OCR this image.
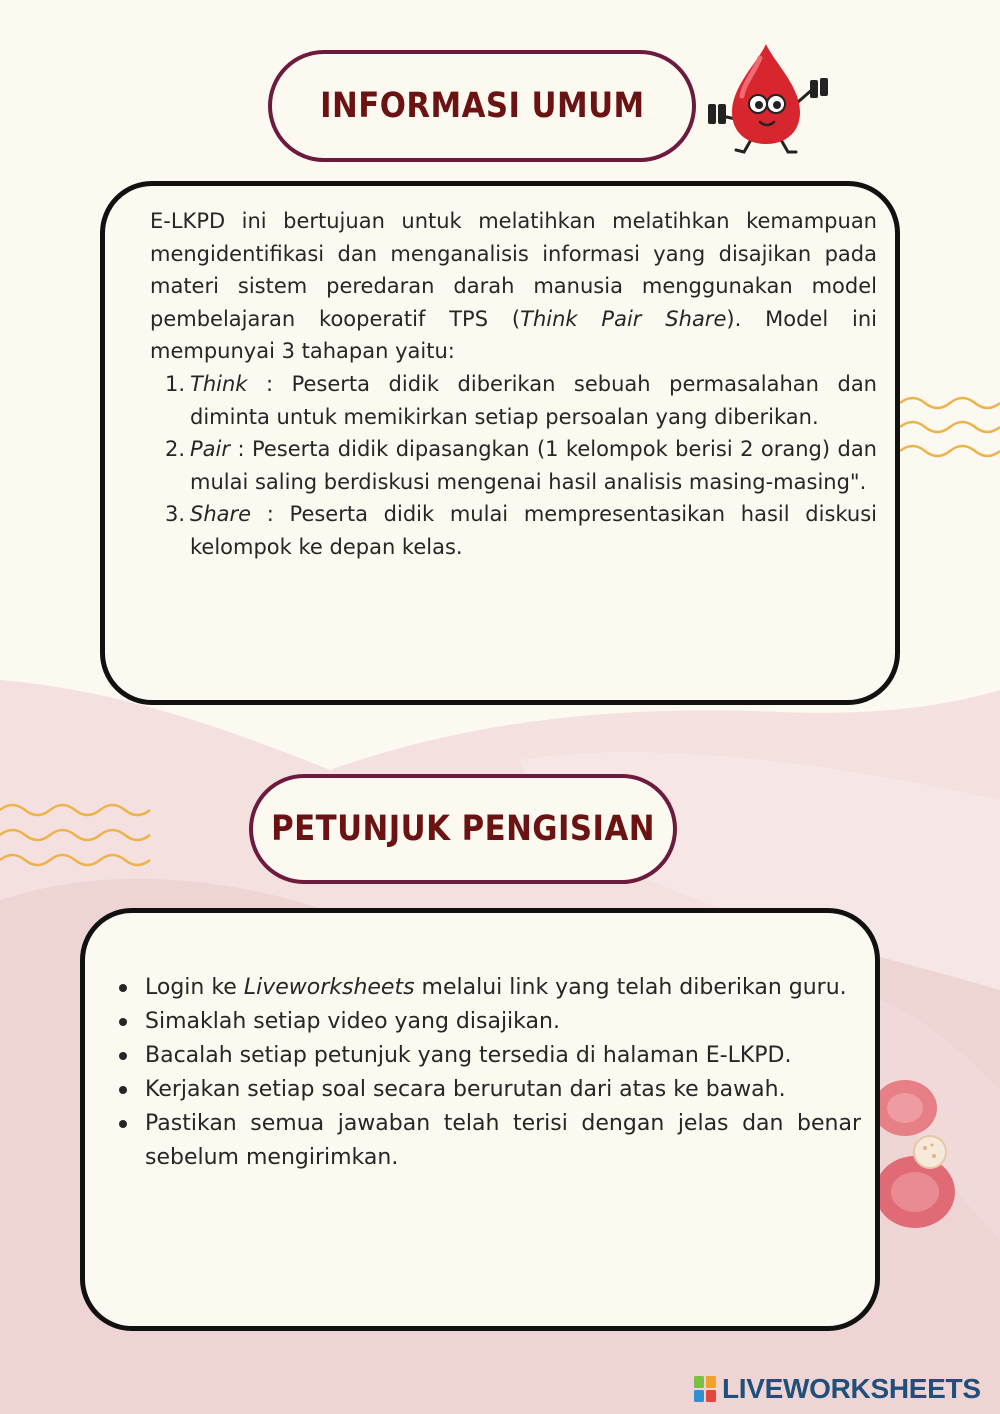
INFORMASI UMUM

E-LKPD ini bertujuan untuk melatihkan melatihkan kemampuan mengidentifikasi dan menganalisis informasi yang disajikan pada materi sistem peredaran darah manusia menggunakan model pembelajaran kooperatif TPS (Think Pair Share). Model ini mempunyai 3 tahapan yaitu:

1. Think : Peserta didik diberikan sebuah permasalahan dan diminta untuk memikirkan setiap persoalan yang diberikan.
2. Pair : Peserta didik dipasangkan (1 kelompok berisi 2 orang) dan mulai saling berdiskusi mengenai hasil analisis masing-masing".
3. Share : Peserta didik mulai mempresentasikan hasil diskusi kelompok ke depan kelas.
PETUNJUK PENGISIAN
Login ke Liveworksheets melalui link yang telah diberikan guru.
Simaklah setiap video yang disajikan.
Bacalah setiap petunjuk yang tersedia di halaman E-LKPD.
Kerjakan setiap soal secara berurutan dari atas ke bawah.
Pastikan semua jawaban telah terisi dengan jelas dan benar sebelum mengirimkan.
LIVEWORKSHEETS
